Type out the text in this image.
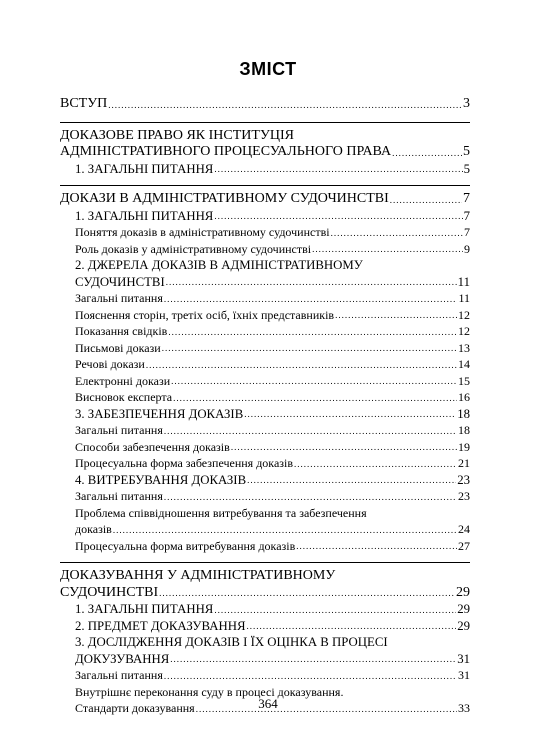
ЗМІСТ
ВСТУП .....	3
ДОКАЗОВЕ ПРАВО ЯК ІНСТИТУЦІЯ
АДМІНІСТРАТИВНОГО ПРОЦЕСУАЛЬНОГО ПРАВА .....	5
1. ЗАГАЛЬНІ ПИТАННЯ .....	5
ДОКАЗИ В АДМІНІСТРАТИВНОМУ СУДОЧИНСТВІ .....	7
1. ЗАГАЛЬНІ ПИТАННЯ .....	7
Поняття доказів в адміністративному судочинстві .....	7
Роль доказів у адміністративному судочинстві .....	9
2. ДЖЕРЕЛА ДОКАЗІВ В АДМІНІСТРАТИВНОМУ
СУДОЧИНСТВІ .....	11
Загальні питання .....	11
Пояснення сторін, третіх осіб, їхніх представників .....	12
Показання свідків .....	12
Письмові докази .....	13
Речові докази .....	14
Електронні докази .....	15
Висновок експерта .....	16
3. ЗАБЕЗПЕЧЕННЯ ДОКАЗІВ .....	18
Загальні питання .....	18
Способи забезпечення доказів .....	19
Процесуальна форма забезпечення доказів .....	21
4. ВИТРЕБУВАННЯ ДОКАЗІВ .....	23
Загальні питання .....	23
Проблема співвідношення витребування та забезпечення
доказів .....	24
Процесуальна форма витребування доказів .....	27
ДОКАЗУВАННЯ У АДМІНІСТРАТИВНОМУ
СУДОЧИНСТВІ .....	29
1. ЗАГАЛЬНІ ПИТАННЯ .....	29
2. ПРЕДМЕТ ДОКАЗУВАННЯ .....	29
3. ДОСЛІДЖЕННЯ ДОКАЗІВ І ЇХ ОЦІНКА В ПРОЦЕСІ
ДОКУЗУВАННЯ .....	31
Загальні питання .....	31
Внутрішнє переконання суду в процесі доказування.
Стандарти доказування .....	33
364
